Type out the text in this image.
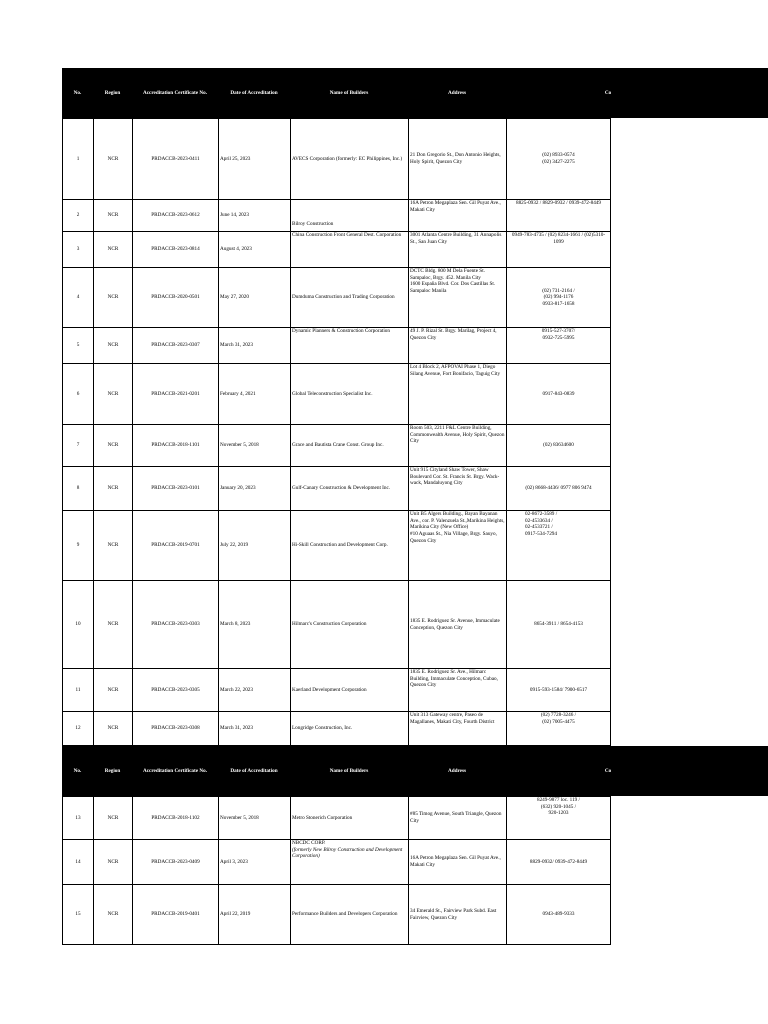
No.	Region	Accreditation Certificate No.	Date of Accreditation	Name of Builders	Address	Co
1	NCR	PRDACCB-2023-0411	April 25, 2023	AVECS Corporation (formerly: EC Philippines, Inc.)	21 Don Gregorio St., Don Antonio Heights, Holy Spirit, Quezon City	(02) 8933-0574
(02) 3427-2275
2	NCR	PRDACCB-2023-0612	June 14, 2023	Bilroy Construction	16A Petron Megaplaza Sen. Gil Puyat Ave., Makati City	8825-0932 / 8829-0932 / 0939-472-8449
3	NCR	PRDACCB-2023-0814	August 4, 2023	China Construction Front General Dest. Corporation	3001 Atlanta Centre Building, 31 Annapolis St., San Juan City	0949-783-4735 / (02) 8234-1661 / (02)5310-1099
4	NCR	PRDACCB-2020-0501	May 27, 2020	Dumduma Construction and Trading Corporation	DCTC Bldg. 800 M Dela Fuente St. Sampaloc, Brgy. 452. Manila City
1600 España Blvd. Cor. Dos Castillas St. Sampaloc Manila	(02) 731-2164 /
(02) 994-1176
0933-817-1658
5	NCR	PRDACCB-2023-0307	March 31, 2023	Dynamic Planners & Construction Corporation	49 J. P. Rizal St. Brgy. Marilag, Project 4, Quezon City	0915-527-3707/
0932-725-5995
6	NCR	PRDACCB-2021-0201	February 4, 2021	Global Teleconstruction Specialist Inc.	Lot 4 Block 2, AFPOVAI Phase 1, Diego Silang Avenue, Fort Bonifacio, Taguig City	0917-843-0839
7	NCR	PRDACCB-2018-1101	November 5, 2018	Grace and Bautista Crane Const. Group Inc.	Room 503, 2211 F&L Centre Building, Commonwealth Avenue, Holy Spirit, Quezon City	(02) 83634600
8	NCR	PRDACCB-2023-0101	January 20, 2023	Gulf-Canary Construction & Development Inc.	Unit 915 Cityland Shaw Tower, Shaw Boulevard Cor. St. Francis St. Brgy. Wack- wack, Mandaluyong City	(02) 8668-4436/ 0977 806 9474
9	NCR	PRDACCB-2019-0701	July 22, 2019	Hi-Skill Construction and Development Corp.	Unit B5 Algers Building., Bayan Bayanan Ave., cor. P. Valenzuela St.,Marikina Heights, Marikina City (New Office)
#10 Aguaas St., Nia Village, Brgy. Sauyo, Quezon City	02-8672-3589 /
02-4533634 /
02-4533721 /
0917-534-7294
10	NCR	PRDACCB-2023-0303	March 8, 2023	Hilmarc's Construction Corporation	1835 E. Rodriguez Sr. Avenue, Immaculate Conception, Quezon City	8654-3911 / 8654-4153
11	NCR	PRDACCB-2023-0305	March 22, 2023	Kaerland Development Corporation	1835 E. Rodriguez Sr. Ave., Hilmarc Building, Immaculate Conception, Cubao, Quezon City	0915-593-1584/ 7900-6517
12	NCR	PRDACCB-2023-0308	March 31, 2023	Longridge Construction, Inc.	Unit 313 Gateway centre, Paseo de Magallanes, Makati City, Fourth District	(02) 7728-3246 /
(02) 7005-4475
No.	Region	Accreditation Certificate No.	Date of Accreditation	Name of Builders	Address	Co
13	NCR	PRDACCB-2018-1102	November 5, 2018	Metro Stonerich Corporation	#85 Timog Avenue, South Triangle, Quezon City	8249-9877 loc. 119 /
(632) 920-1045 /
920-1203
14	NCR	PRDACCB-2023-0409	April 3, 2023	NBCDC CORP.
(formerly New Bilroy Construction and Development Corporation)	16A Petron Megaplaza Sen. Gil Puyat Ave., Makati City	8829-0932/ 0939-472-8449
15	NCR	PRDACCB-2019-0401	April 22, 2019	Performance Builders and Developers Corporation	34 Emerald St., Fairview Park Subd. East Fairview, Quezon City	0943-489-9333
